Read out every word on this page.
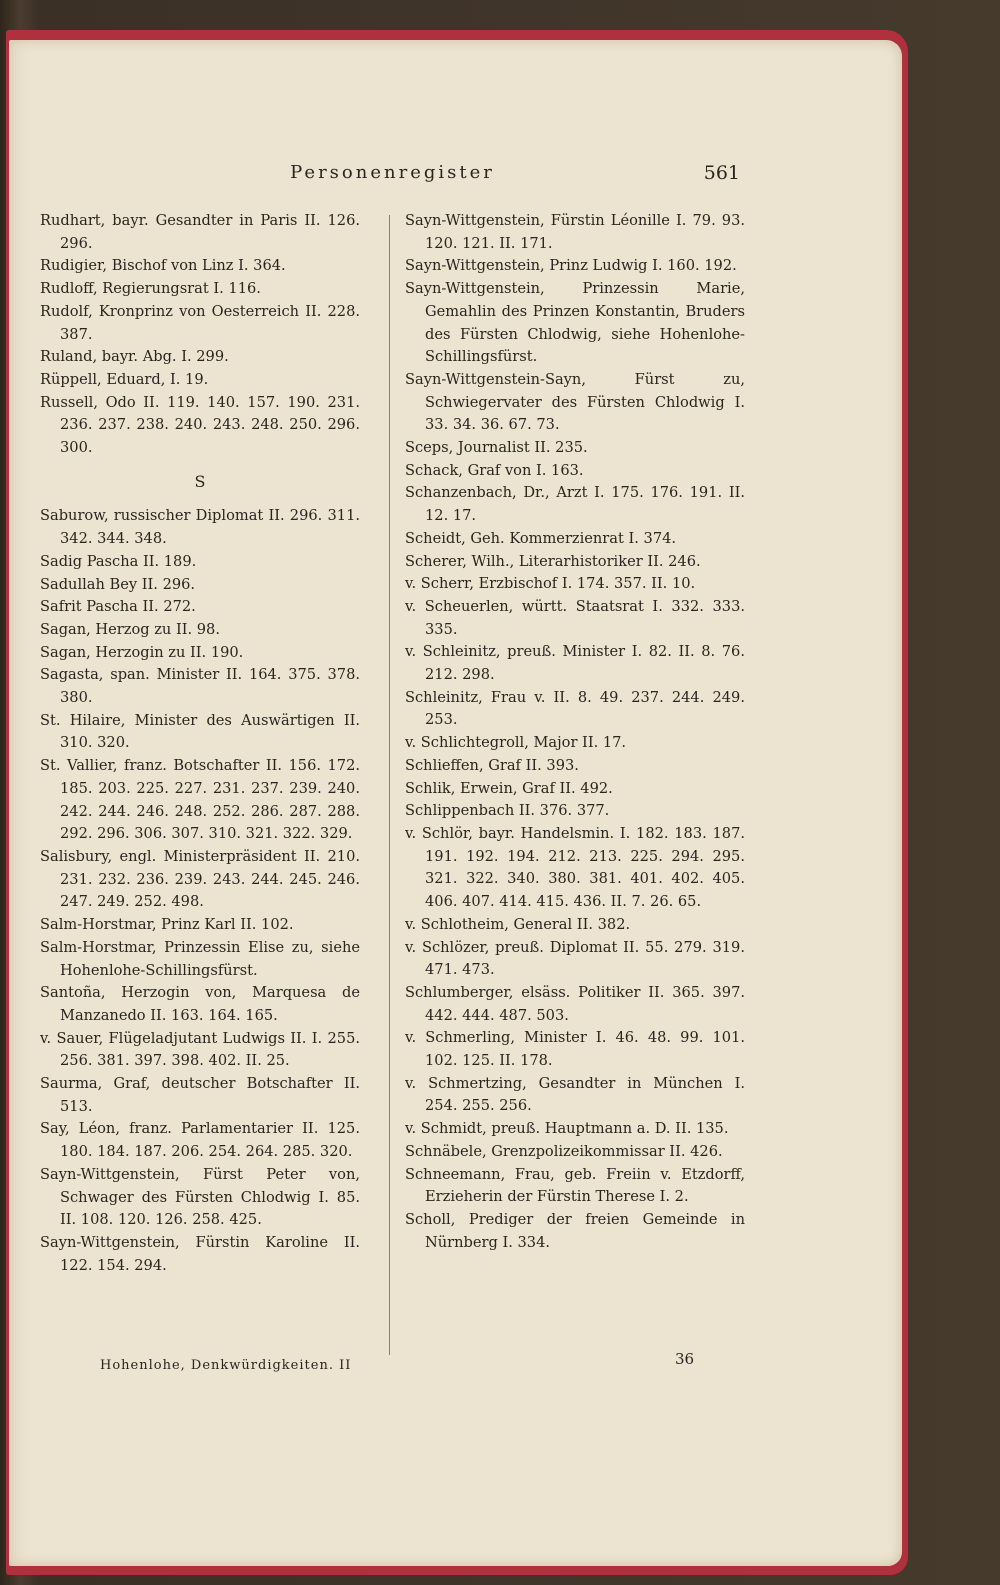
Personenregister	561
Rudhart, bayr. Gesandter in Paris II. 126. 296.
Rudigier, Bischof von Linz I. 364.
Rudloff, Regierungsrat I. 116.
Rudolf, Kronprinz von Oesterreich II. 228. 387.
Ruland, bayr. Abg. I. 299.
Rüppell, Eduard, I. 19.
Russell, Odo II. 119. 140. 157. 190. 231. 236. 237. 238. 240. 243. 248. 250. 296. 300.
S
Saburow, russischer Diplomat II. 296. 311. 342. 344. 348.
Sadig Pascha II. 189.
Sadullah Bey II. 296.
Safrit Pascha II. 272.
Sagan, Herzog zu II. 98.
Sagan, Herzogin zu II. 190.
Sagasta, span. Minister II. 164. 375. 378. 380.
St. Hilaire, Minister des Auswärtigen II. 310. 320.
St. Vallier, franz. Botschafter II. 156. 172. 185. 203. 225. 227. 231. 237. 239. 240. 242. 244. 246. 248. 252. 286. 287. 288. 292. 296. 306. 307. 310. 321. 322. 329.
Salisbury, engl. Ministerpräsident II. 210. 231. 232. 236. 239. 243. 244. 245. 246. 247. 249. 252. 498.
Salm-Horstmar, Prinz Karl II. 102.
Salm-Horstmar, Prinzessin Elise zu, siehe Hohenlohe-Schillingsfürst.
Santoña, Herzogin von, Marquesa de Manzanedo II. 163. 164. 165.
v. Sauer, Flügeladjutant Ludwigs II. I. 255. 256. 381. 397. 398. 402. II. 25.
Saurma, Graf, deutscher Botschafter II. 513.
Say, Léon, franz. Parlamentarier II. 125. 180. 184. 187. 206. 254. 264. 285. 320.
Sayn-Wittgenstein, Fürst Peter von, Schwager des Fürsten Chlodwig I. 85. II. 108. 120. 126. 258. 425.
Sayn-Wittgenstein, Fürstin Karoline II. 122. 154. 294.
Sayn-Wittgenstein, Fürstin Léonille I. 79. 93. 120. 121. II. 171.
Sayn-Wittgenstein, Prinz Ludwig I. 160. 192.
Sayn-Wittgenstein, Prinzessin Marie, Gemahlin des Prinzen Konstantin, Bruders des Fürsten Chlodwig, siehe Hohenlohe-Schillingsfürst.
Sayn-Wittgenstein-Sayn, Fürst zu, Schwiegervater des Fürsten Chlodwig I. 33. 34. 36. 67. 73.
Sceps, Journalist II. 235.
Schack, Graf von I. 163.
Schanzenbach, Dr., Arzt I. 175. 176. 191. II. 12. 17.
Scheidt, Geh. Kommerzienrat I. 374.
Scherer, Wilh., Literarhistoriker II. 246.
v. Scherr, Erzbischof I. 174. 357. II. 10.
v. Scheuerlen, württ. Staatsrat I. 332. 333. 335.
v. Schleinitz, preuß. Minister I. 82. II. 8. 76. 212. 298.
Schleinitz, Frau v. II. 8. 49. 237. 244. 249. 253.
v. Schlichtegroll, Major II. 17.
Schlieffen, Graf II. 393.
Schlik, Erwein, Graf II. 492.
Schlippenbach II. 376. 377.
v. Schlör, bayr. Handelsmin. I. 182. 183. 187. 191. 192. 194. 212. 213. 225. 294. 295. 321. 322. 340. 380. 381. 401. 402. 405. 406. 407. 414. 415. 436. II. 7. 26. 65.
v. Schlotheim, General II. 382.
v. Schlözer, preuß. Diplomat II. 55. 279. 319. 471. 473.
Schlumberger, elsäss. Politiker II. 365. 397. 442. 444. 487. 503.
v. Schmerling, Minister I. 46. 48. 99. 101. 102. 125. II. 178.
v. Schmertzing, Gesandter in München I. 254. 255. 256.
v. Schmidt, preuß. Hauptmann a. D. II. 135.
Schnäbele, Grenzpolizeikommissar II. 426.
Schneemann, Frau, geb. Freiin v. Etzdorff, Erzieherin der Fürstin Therese I. 2.
Scholl, Prediger der freien Gemeinde in Nürnberg I. 334.
Hohenlohe, Denkwürdigkeiten. II	36
